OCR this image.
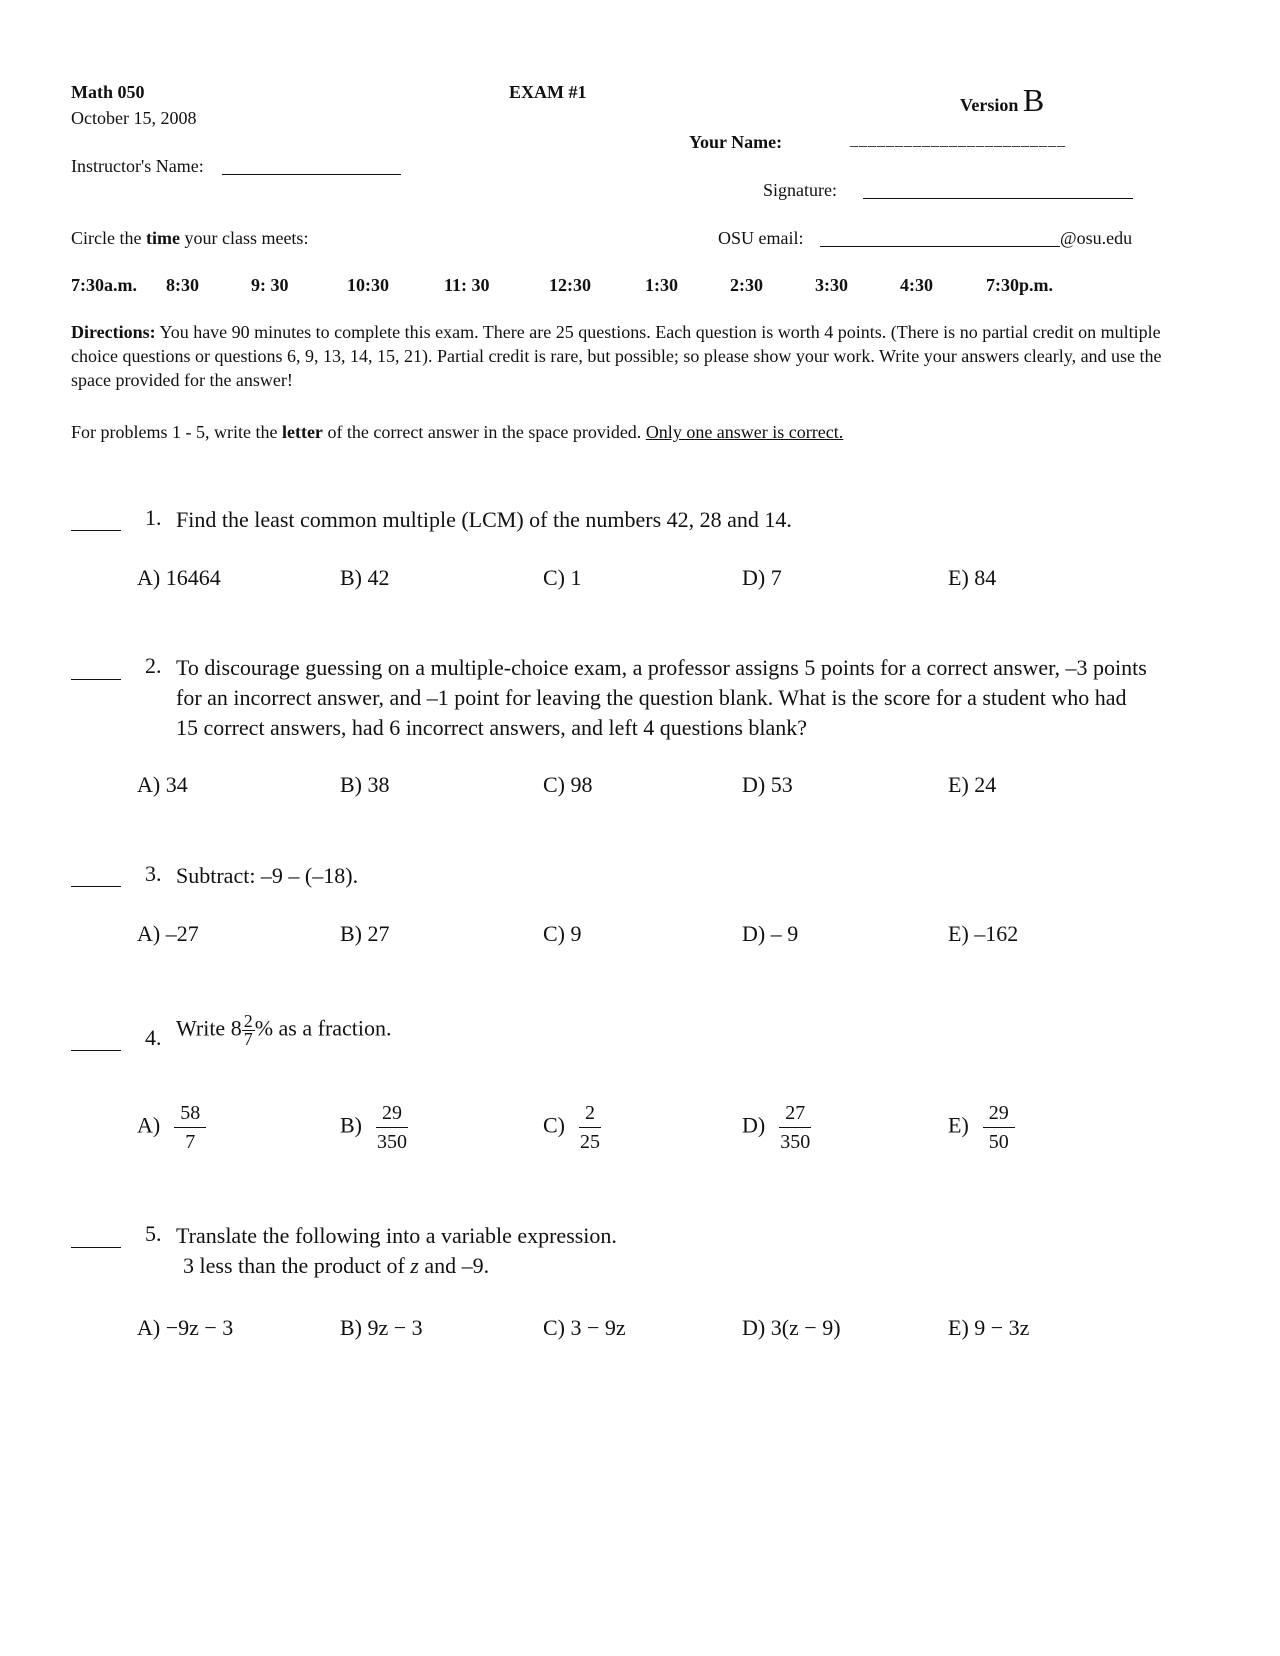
Math 050
October 15, 2008
EXAM #1
Version B
Your Name:	________________________
Instructor's Name:
Signature:
Circle the time your class meets:	OSU email:	@osu.edu
7:30a.m. 8:30	9: 30	10:30	11: 30	12:30	1:30	2:30	3:30	4:30	7:30p.m.
Directions: You have 90 minutes to complete this exam. There are 25 questions. Each question is worth 4 points. (There is no partial credit on multiple choice questions or questions 6, 9, 13, 14, 15, 21). Partial credit is rare, but possible; so please show your work. Write your answers clearly, and use the space provided for the answer!
For problems 1 - 5, write the letter of the correct answer in the space provided. Only one answer is correct.
1. Find the least common multiple (LCM) of the numbers 42, 28 and 14.
A) 16464	B) 42	C) 1	D) 7	E) 84
2. To discourage guessing on a multiple-choice exam, a professor assigns 5 points for a correct answer, –3 points for an incorrect answer, and –1 point for leaving the question blank. What is the score for a student who had 15 correct answers, had 6 incorrect answers, and left 4 questions blank?
A) 34	B) 38	C) 98	D) 53	E) 24
3. Subtract: –9 – (–18).
A) –27	B) 27	C) 9	D) – 9	E) –162
4. Write $8 \frac{2}{7}$ % as a fraction.
$A) \frac{58}{7}$	$B) \frac{29}{350}$	$C) \frac{2}{25}$	$D) \frac{27}{350}$	$E) \frac{29}{50}$
5. Translate the following into a variable expression.
3 less than the product of z and –9.
A) −9z − 3	B) 9z − 3	C) 3 − 9z	D) 3(z − 9)	E) 9 − 3z
